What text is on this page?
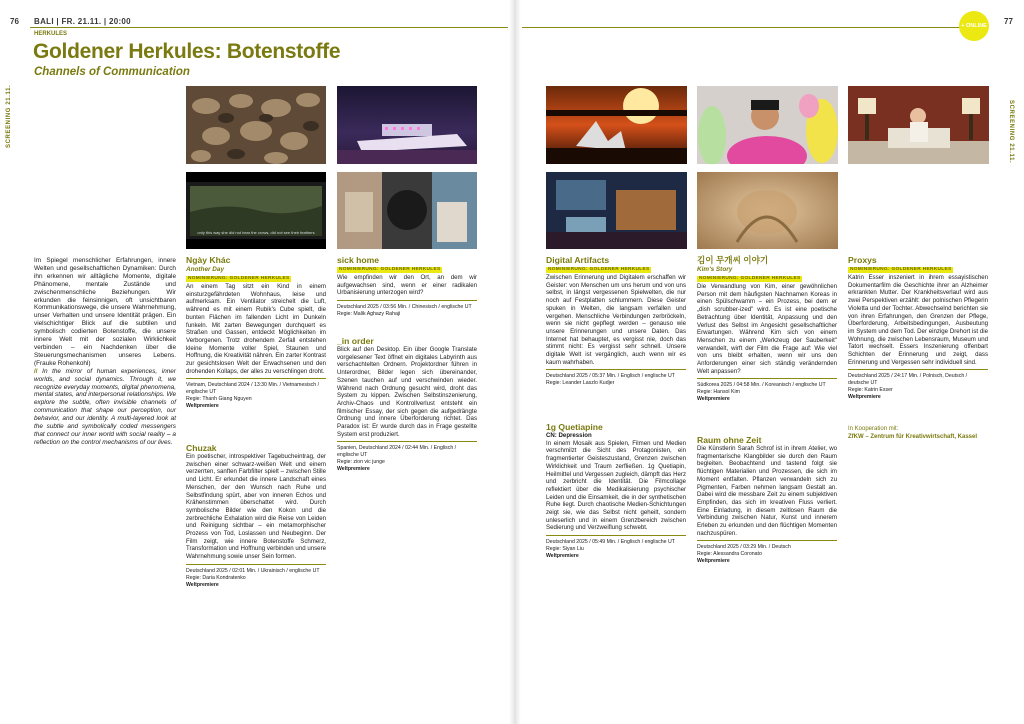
76 BALI | FR. 21.11. | 20:00
HERKULES
Goldener Herkules: Botenstoffe
Channels of Communication
SCREENING 21.11.
77
+ ONLINE
SCREENING 21.11.
only this way she did not hear the crows, did not see their feathers

Im Spiegel menschlicher Erfahrungen, innere Welten und gesellschaftlichen Dynamiken: Durch ihn erkennen wir alltägliche Momente, digitale Phänomene, mentale Zustände und zwischenmenschliche Beziehungen. Wir erkunden die feinsinnigen, oft unsichtbaren Kommunikationswege, die unsere Wahrnehmung, unser Verhalten und unsere Identität prägen. Ein vielschichtiger Blick auf die subtilen und symbolisch codierten Botenstoffe, die unsere innere Welt mit der sozialen Wirklichkeit verbinden – ein Nachdenken über die Steuerungsmechanismen unseres Lebens. (Frauke Rohenkohl)

// In the mirror of human experiences, inner worlds, and social dynamics. Through it, we recognize everyday moments, digital phenomena, mental states, and interpersonal relationships. We explore the subtle, often invisible channels of communication that shape our perception, our behavior, and our identity. A multi-layered look at the subtle and symbolically coded messengers that connect our inner world with social reality – a reflection on the control mechanisms of our lives.

Ngày Khác
Another Day
NOMINIERUNG: GOLDENER HERKULES
An einem Tag sitzt ein Kind in einem einsturzgefährdeten Wohnhaus, leise und aufmerksam. Ein Ventilator streichelt die Luft, während es mit einem Rubik's Cube spielt, die bunten Flächen im fallenden Licht im Dunkeln funkeln. Mit zarten Bewegungen durchquert es Straßen und Gassen, entdeckt Möglichkeiten im Verborgenen. Trotz drohendem Zerfall entstehen kleine Momente voller Spiel, Staunen und Hoffnung, die Kreativität nähren. Ein zarter Kontrast zur gesichtslosen Welt der Erwachsenen und den drohenden Kollaps, der alles zu verschlingen droht.
Vietnam, Deutschland 2024 / 13:30 Min. / Vietnamesisch / englische UT
Regie: Thanh Giang Nguyen
Weltpremiere
Chuzak
Ein poetischer, introspektiver Tagebucheintrag, der zwischen einer schwarz-weißen Welt und einem verzerrten, sanften Farbfilter spielt – zwischen Stille und Licht. Er erkundet die innere Landschaft eines Menschen, der den Wunsch nach Ruhe und Selbstfindung spürt, aber von inneren Echos und Krähenstimmen überschattet wird. Durch symbolische Bilder wie den Kokon und die zerbrechliche Exhalation wird die Reise von Leiden und Reinigung sichtbar – ein metamorphischer Prozess von Tod, Loslassen und Neubeginn. Der Film zeigt, wie innere Botenstoffe Schmerz, Transformation und Hoffnung verbinden und unsere Wahrnehmung sowie unser Sein formen.
Deutschland 2025 / 02:01 Min. / Ukrainisch / englische UT
Regie: Daria Kondratenko
Weltpremiere
sick home
NOMINIERUNG: GOLDENER HERKULES
Wie empfinden wir den Ort, an dem wir aufgewachsen sind, wenn er einer radikalen Urbanisierung unterzogen wird?
Deutschland 2025 / 03:56 Min. / Chinesisch / englische UT
Regie: Malik Aghazy Rahaji
_in order
Blick auf den Desktop. Ein über Google Translate vorgelesener Text öffnet ein digitales Labyrinth aus verschachtelten Ordnern. Projektordner führen in Unterordner, Bilder legen sich übereinander, Szenen tauchen auf und verschwinden wieder. Während nach Ordnung gesucht wird, droht das System zu kippen. Zwischen Selbstinszenierung, Archiv-Chaos und Kontrollverlust entsteht ein filmischer Essay, der sich gegen die aufgedrängte Ordnung und innere Überforderung richtet. Das Paradox ist: Er wurde durch das in Frage gestellte System erst produziert.
Spanien, Deutschland 2024 / 02:44 Min. / Englisch / englische UT
Regie: zion vic junge
Weltpremiere
Digital Artifacts
NOMINIERUNG: GOLDENER HERKULES
Zwischen Erinnerung und Digitalem erschaffen wir Geister: von Menschen um uns herum und von uns selbst, in längst vergessenen Spielwelten, die nur noch auf Festplatten schlummern. Diese Geister spuken in Welten, die langsam verfallen und vergehen. Menschliche Verbindungen zerbröckeln, wenn sie nicht gepflegt werden – genauso wie unsere Erinnerungen und unsere Daten. Das Internet hat behauptet, es vergisst nie, doch das stimmt nicht: Es vergisst sehr schnell. Unsere digitale Welt ist vergänglich, auch wenn wir es kaum wahrhaben.
Deutschland 2025 / 05:37 Min. / Englisch / englische UT
Regie: Leander Laszlo Kudjer
1g Quetiapine
CN: Depression
In einem Mosaik aus Spielen, Filmen und Medien verschmilzt die Sicht des Protagonisten, ein fragmentierter Geisteszustand, Grenzen zwischen Wirklichkeit und Traum zerfließen. 1g Quetiapin, Heilmittel und Vergessen zugleich, dämpft das Herz und zerbricht die Identität. Die Filmcollage reflektiert über die Medikalisierung psychischer Leiden und die Einsamkeit, die in der synthetischen Ruhe liegt. Durch chaotische Medien-Schichtungen zeigt sie, wie das Selbst nicht geheilt, sondern unleserlich und in einem Grenzbereich zwischen Sedierung und Verzweiflung schwebt.
Deutschland 2025 / 05:49 Min. / Englisch / englische UT
Regie: Siyan Liu
Weltpremiere
김이 무개씨 이야기
Kim's Story
NOMINIERUNG: GOLDENER HERKULES
Die Verwandlung von Kim, einer gewöhnlichen Person mit dem häufigsten Nachnamen Koreas in einen Spülschwamm – ein Prozess, bei dem er „dish scrubber-ized" wird. Es ist eine poetische Betrachtung über Identität, Anpassung und den Verlust des Selbst im Angesicht gesellschaftlicher Erwartungen. Während Kim sich von einem Menschen zu einem „Werkzeug der Sauberkeit" verwandelt, wirft der Film die Frage auf: Wie viel von uns bleibt erhalten, wenn wir uns den Anforderungen einer sich ständig verändernden Welt anpassen?
Südkorea 2025 / 04:58 Min. / Koreanisch / englische UT
Regie: Hansol Kim
Weltpremiere
Raum ohne Zeit
Die Künstlerin Sarah Schrof ist in ihrem Atelier, wo fragmentarische Klangbilder sie durch den Raum begleiten. Beobachtend und tastend folgt sie flüchtigen Materialien und Prozessen, die sich im Moment entfalten. Pflanzen verwandeln sich zu Pigmenten, Farben nehmen langsam Gestalt an. Dabei wird die messbare Zeit zu einem subjektiven Empfinden, das sich im kreativen Fluss verliert. Eine Einladung, in diesem zeitlosen Raum die Verbindung zwischen Natur, Kunst und innerem Erleben zu erkunden und den flüchtigen Momenten nachzuspüren.
Deutschland 2025 / 03:29 Min. / Deutsch
Regie: Alessandra Coronato
Weltpremiere
Proxys
NOMINIERUNG: GOLDENER HERKULES
Katrin Esser inszeniert in ihrem essayistischen Dokumentarfilm die Geschichte ihrer an Alzheimer erkrankten Mutter. Der Krankheitsverlauf wird aus zwei Perspektiven erzählt: der polnischen Pflegerin Violetta und der Tochter. Abwechselnd berichten sie von ihren Erfahrungen, den Grenzen der Pflege, Überforderung, Arbeitsbedingungen, Ausbeutung im System und dem Tod. Der einzige Drehort ist die Wohnung, die zwischen Lebensraum, Museum und Tatort wechselt. Essers Inszenierung offenbart Schichten der Erinnerung und zeigt, dass Erinnerung und Vergessen sehr individuell sind.
Deutschland 2025 / 24:17 Min. / Polnisch, Deutsch / deutsche UT
Regie: Katrin Esser
Weltpremiere
In Kooperation mit:
ZfKW – Zentrum für Kreativwirtschaft, Kassel
